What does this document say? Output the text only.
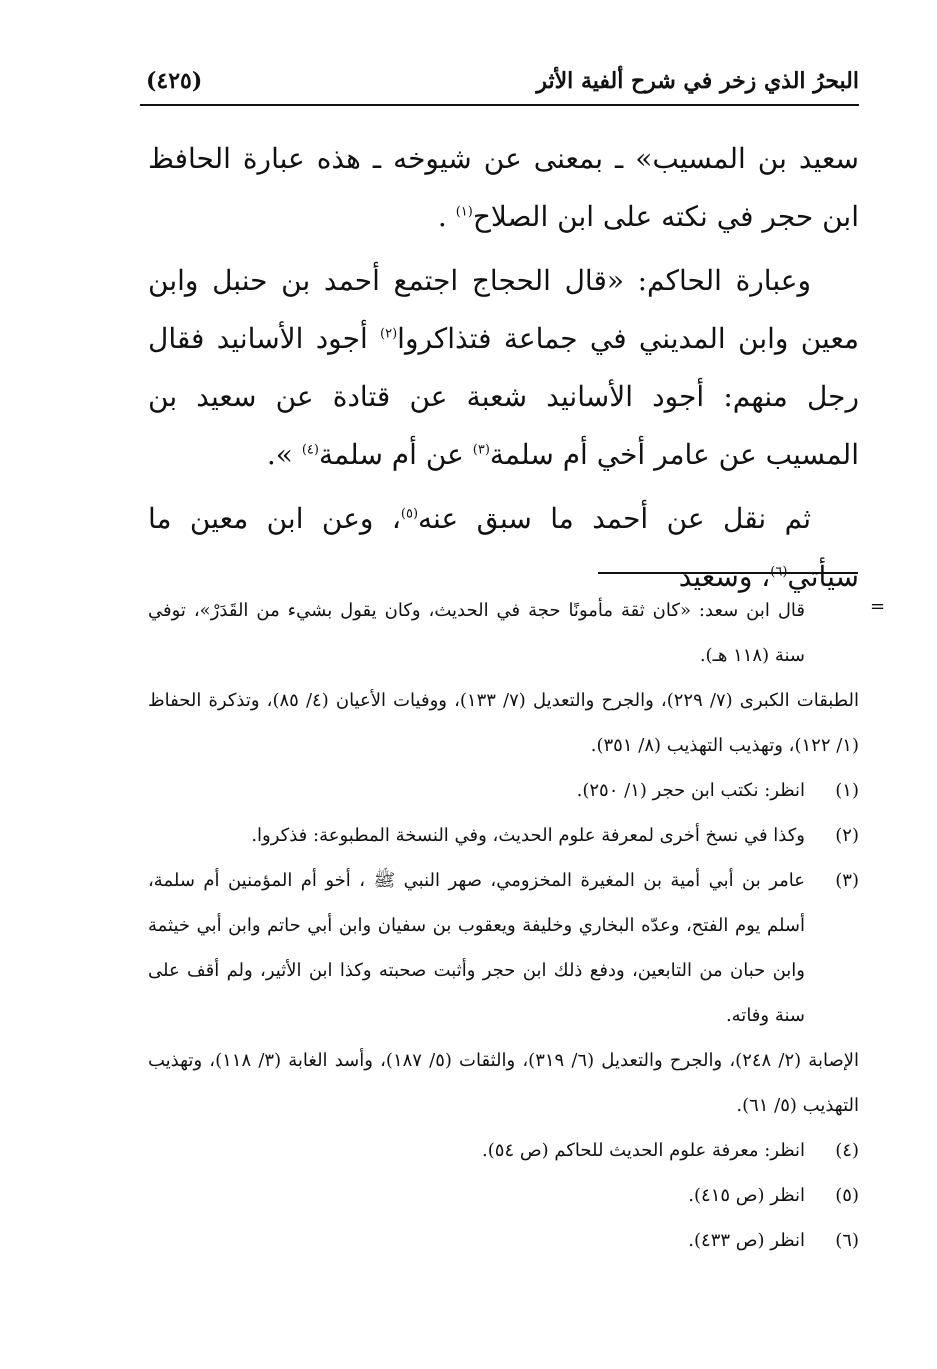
البحرُ الذي زخر في شرح ألفية الأثر
(٤٢٥)

سعيد بن المسيب» ـ بمعنى عن شيوخه ـ هذه عبارة الحافظ ابن حجر في نكته على ابن الصلاح$^{(١)}$ .

وعبارة الحاكم: «قال الحجاج اجتمع أحمد بن حنبل وابن معين وابن المديني في جماعة فتذاكروا$^{(٢)}$ أجود الأسانيد فقال رجل منهم: أجود الأسانيد شعبة عن قتادة عن سعيد بن المسيب عن عامر أخي أم سلمة$^{(٣)}$ عن أم سلمة$^{(٤)}$ ».

ثم نقل عن أحمد ما سبق عنه$^{(٥)}$، وعن ابن معين ما سيأتي$^{(٦)}$، وسعيد

=
قال ابن سعد: «كان ثقة مأمونًا حجة في الحديث، وكان يقول بشيء من القَدَرْ»، توفي سنة (١١٨ هـ).
الطبقات الكبرى (٧/ ٢٢٩)، والجرح والتعديل (٧/ ١٣٣)، ووفيات الأعيان (٤/ ٨٥)، وتذكرة الحفاظ (١/ ١٢٢)، وتهذيب التهذيب (٨/ ٣٥١).
(١)
انظر: نكتب ابن حجر (١/ ٢٥٠).
(٢)
وكذا في نسخ أخرى لمعرفة علوم الحديث، وفي النسخة المطبوعة: فذكروا.
(٣)
عامر بن أبي أمية بن المغيرة المخزومي، صهر النبي ﷺ ، أخو أم المؤمنين أم سلمة، أسلم يوم الفتح، وعدّه البخاري وخليفة ويعقوب بن سفيان وابن أبي حاتم وابن أبي خيثمة وابن حبان من التابعين، ودفع ذلك ابن حجر وأثبت صحبته وكذا ابن الأثير، ولم أقف على سنة وفاته.
الإصابة (٢/ ٢٤٨)، والجرح والتعديل (٦/ ٣١٩)، والثقات (٥/ ١٨٧)، وأسد الغابة (٣/ ١١٨)، وتهذيب التهذيب (٥/ ٦١).
(٤)
انظر: معرفة علوم الحديث للحاكم (ص ٥٤).
(٥)
انظر (ص ٤١٥).
(٦)
انظر (ص ٤٣٣).
